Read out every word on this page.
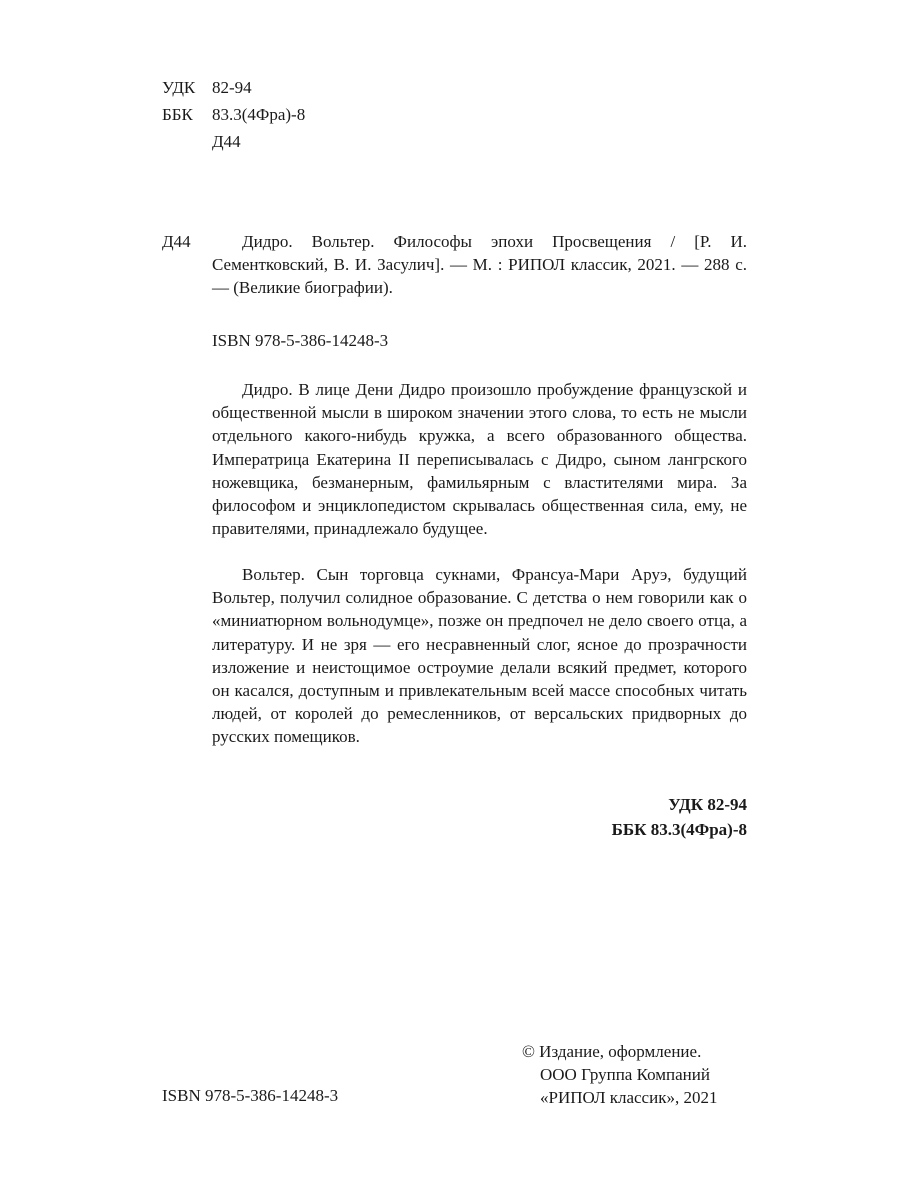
УДК 82-94
ББК	83.3(4Фра)-8
Д44
Д44	Дидро. Вольтер. Философы эпохи Просвещения / [Р. И. Сементковский, В. И. Засулич]. — М. : РИПОЛ классик, 2021. — 288 с. — (Великие биографии).
ISBN 978-5-386-14248-3

Дидро. В лице Дени Дидро произошло пробуждение французской и общественной мысли в широком значении этого слова, то есть не мысли отдельного какого-нибудь кружка, а всего образованного общества. Императрица Екатерина II переписывалась с Дидро, сыном лангрского ножевщика, безманерным, фамильярным с властителями мира. За философом и энциклопедистом скрывалась общественная сила, ему, не правителями, принадлежало будущее.

Вольтер. Сын торговца сукнами, Франсуа-Мари Аруэ, будущий Вольтер, получил солидное образование. С детства о нем говорили как о «миниатюрном вольнодумце», позже он предпочел не дело своего отца, а литературу. И не зря — его несравненный слог, ясное до прозрачности изложение и неистощимое остроумие делали всякий предмет, которого он касался, доступным и привлекательным всей массе способных читать людей, от королей до ремесленников, от версальских придворных до русских помещиков.

УДК 82-94
ББК 83.3(4Фра)-8
ISBN 978-5-386-14248-3
© Издание, оформление.
ООО Группа Компаний
«РИПОЛ классик», 2021
